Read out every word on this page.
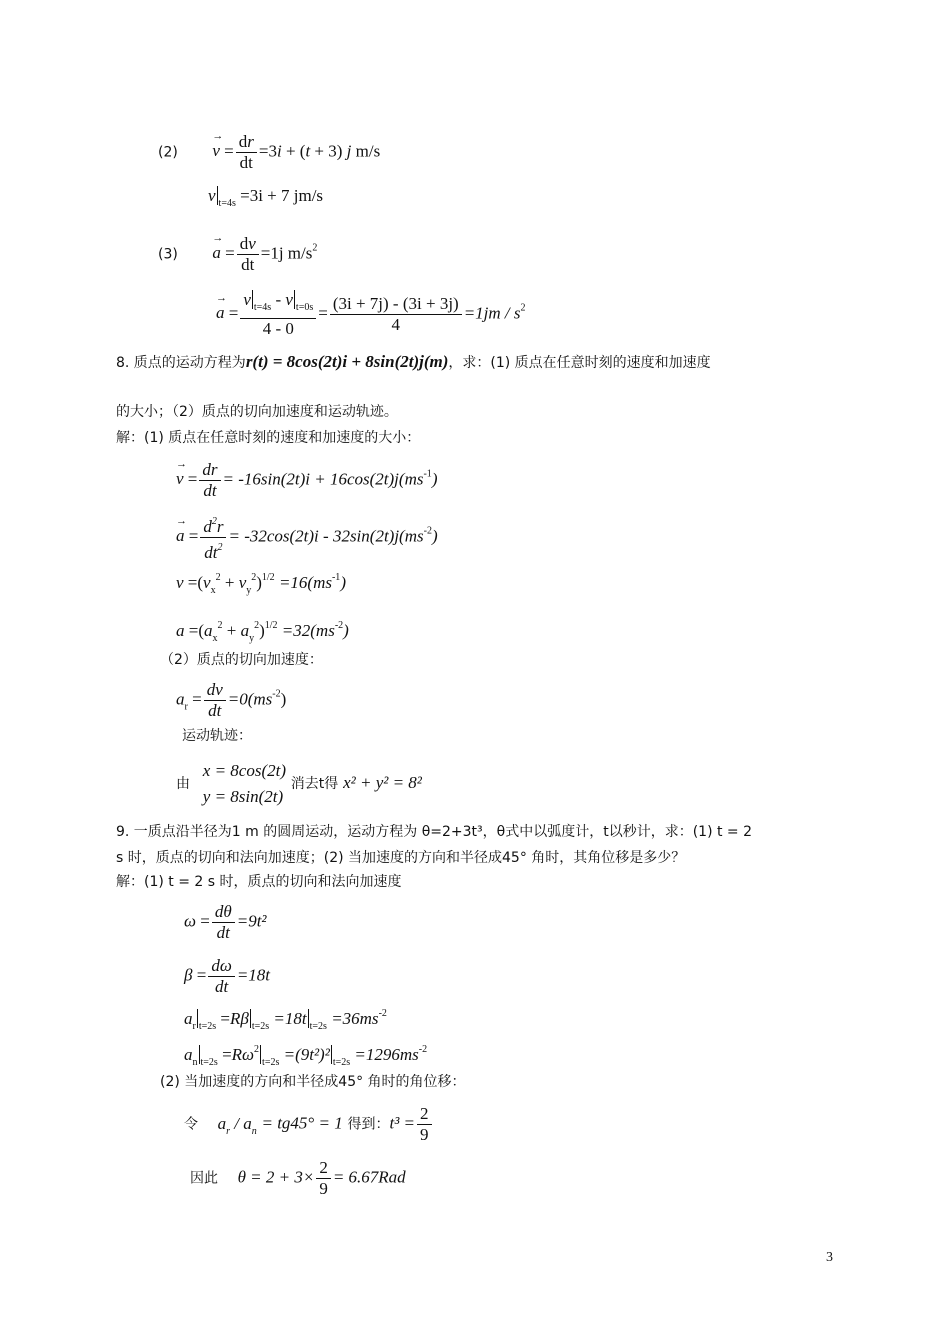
$(2) \to v = \frac{dr}{dt} =3i + (t + 3)$ j m/s
v $_{t=4s}$ =3i + 7 jm/s
$(3) \to a = \frac{dv}{dt} =1j$ $m/s^2$
→ $a = \frac{v _{t=4s} - v _{t=0s}}{4 - 0} = \frac{(3i + 7j) - (3i + 3j)}{4} =1jm / s^2$
8. 质点的运动方程为r(t) = 8cos(2t)i + 8sin(2t)j(m)，求：(1) 质点在任意时刻的速度和加速度
的大小；（2）质点的切向加速度和运动轨迹。
解：(1) 质点在任意时刻的速度和加速度的大小：
→ $v = \frac{dr}{dt} = -16\sin(2t)i + 16\cos(2t)j(ms^{-1})$
→ $a = \frac{d^2r}{dt^2} = -32\cos(2t)i - 32\sin(2t)j(ms^{-2})$
$v =(v_x^2 + v_y^2)^{1/2} =16(ms^{-1})$
$a =(a_x^2 + a_y^2)^{1/2} =32(ms^{-2})$
（2）质点的切向加速度：
$a_r = \frac{dv}{dt} =0(ms^{-2})$
运动轨迹：
由
x = 8cos(2t)
y = 8sin(2t)
消去t得 x² + y² = 8²
9. 一质点沿半径为1 m 的圆周运动，运动方程为 θ=2+3t³，θ式中以弧度计，t以秒计，求：(1) t = 2
s 时，质点的切向和法向加速度；(2) 当加速度的方向和半径成45° 角时，其角位移是多少？
解：(1) t = 2 s 时，质点的切向和法向加速度
$\omega = \frac{d\theta}{dt} =9t^2$
$\beta = \frac{d\omega}{dt} =18t$
$a_r$ $_{t=2s}$ =Rβ $_{t=2s}$ =18t $_{t=2s} =36ms^{-2}$
$a_n$ $_{t=2s} =R\omega^2_{t=2s} =(9t^2)^2$ $_{t=2s} =1296ms^{-2}$
(2) 当加速度的方向和半径成45° 角时的角位移：
令 $a_r / a_n = tg45^\circ = 1$ 得到：$t^3 = \frac{2}{9}$
因此 $\theta = 2 + 3\times \frac{2}{9} = 6.67Rad$
3
